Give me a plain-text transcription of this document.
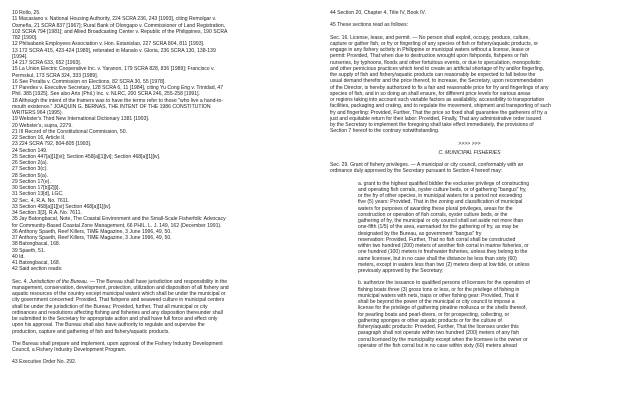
10 Rollo, 25.
11 Macasiano v. National Housing Authority, 224 SCRA 236, 243 [1993], citing Remolgar v.
Osmeña, 21 SCRA 837 [1967]; Rural Bank of Olongapo v. Commissioner of Land Registration,
102 SCRA 794 [1981]; and Allied Broadcasting Center v. Republic of the Philippines, 190 SCRA
782 [1990].
12 Philsabank Employees Association v. Hon. Estanislao, 227 SCRA 804, 811 [1993].
13 172 SCRA 415, 423-424 [1989], reiterated in Manalo v. Gloria, 236 SCRA 130, 138-139
[1994].
14 217 SCRA 633, 652 [1993].
15 La Union Electric Cooperative Inc. v. Yaranon, 179 SCRA 828, 836 [1989]; Francisco v.
Permskul, 173 SCRA 324, 333 [1989].
16 See Peralta v. Commission on Elections, 82 SCRA 30, 55 [1978].
17 Paredes v. Executive Secretary, 128 SCRA 6, 11 [1984], citing Yu Cong Eng v. Trinidad, 47
Phil. 385 [1925]. See also Arts (Phil.) Inc. v. NLRC, 200 SCRA 246, 255-258 [1991].
18 Although the intent of the framers was to have the terms refer to those "who live a hand-to-
mouth existence." JOAQUIN G. BERNAS, THE INTENT OF THE 1986 CONSTITUTION
WRITERS 964 (1995).
19 Webster's Third New International Dictionary 1381 [1993].
20 Webster's, supra, 2279.
21 III Record of the Constitutional Commission, 50.
22 Section 16, Article II.
23 224 SCRA 792, 804-805 [1993].
24 Section 149.
25 Section 447[a][1][vi]; Section 458[a][1][vi]; Section 468[a][1][iv].
26 Section 2(a).
27 Section 3(c).
28 Section 5(a).
29 Section 17(e).
30 Section 17[b][2][i].
31 Section 13[d], LGC.
32 Sec. 4, R.A. No. 7611.
33 Section 458[a][1][vi] Section 468[a][1][iv].
34 Section 3[3], R.A. No. 7611.
35 Jay Batongbacal, Note, The Coastal Environment and the Small-Scale Fisherfolk: Advocacy
for Community-Based Coastal Zone Management, 66 PHIL. L. J. 149, 162 (December 1991).
36 Anthony Spaeth, Reef Killers, TIME Magazine, 3 June 1996, 49, 50.
37 Anthony Spaeth, Reef Killers, TIME Magazine, 3 June 1996, 49, 50.
38 Batongbacal, 168.
39 Spaeth, 51.
40 Id.
41 Batongbacal, 168.
42 Said section reads:
Sec. 4. Jurisdiction of the Bureau. — The Bureau shall have jurisdiction and responsibility in the
management, conservation, development, protection, utilization and disposition of all fishery and
aquatic resources of the country except municipal waters which shall be under the municipal or
city government concerned: Provided, That fishpens and seaweed culture in municipal centers
shall be under the jurisdiction of the Bureau: Provided, further, That all municipal or city
ordinances and resolutions affecting fishing and fisheries and any disposition thereunder shall
be submitted to the Secretary for appropriate action and shall have full force and effect only
upon his approval. The Bureau shall also have authority to regulate and supervise the
production, capture and gathering of fish and fishery/aquatic products.
The Bureau shall prepare and implement, upon approval of the Fishery Industry Development
Council, a Fishery Industry Development Program.
43 Executive Order No. 292.
44 Section 20, Chapter 4, Title IV, Book IV.
45 These sections read as follows:
Sec. 16. License, lease, and permit. — No person shall exploit, occupy, produce, culture,
capture or gather fish, or fry or fingerling of any species of fish or fishery/aquatic products, or
engage in any fishery activity in Philippine or municipal waters without a license, lease or
permit: Provided, That when due to destruction wrought upon fishponds, fishpens or fish
nurseries, by typhoons, floods and other fortuitous events, or due to speculation, monopolistic
and other pernicious practices which tend to create an artificial shortage of fry and/or fingerling,
the supply of fish and fishery/aquatic products can reasonably be expected to fall below the
usual demand therefor and the price thereof, to increase, the Secretary, upon recommendation
of the Director, is hereby authorized to fix a fair and reasonable price for fry and fingerlings of any
species of fish, and in so doing an shall ensure, for different price levels for various areas
or regions taking into account such variable factors as availability, accessibility to transportation
facilities, packaging and crating, and to regulate the movement, shipment and transporting of such
fry and fingerling: Provided, Further, That the price so fixed shall guarantee the gatherers of fry a
just and equitable return for their labor: Provided, Finally, That any administrative order issued
by the Secretary to implement the foregoing shall take effect immediately, the provisions of
Section 7 hereof to the contrary notwithstanding.
>>>> >>>
C. MUNICIPAL FISHERIES
Sec. 29. Grant of fishery privileges. — A municipal or city council, conformably with an
ordinance duly approved by the Secretary pursuant to Section 4 hereof may:
a. grant to the highest qualified bidder the exclusive privilege of constructing
and operating fish corrals, oyster culture beds, or of gathering "bangus" fry,
or the fry of other species, in municipal waters for a period not exceeding
five (5) years: Provided, That in the zoning and classification of municipal
waters for purposes of awarding these plural privileges, areas for the
construction or operation of fish corrals, oyster culture beds, or the
gathering of fry, the municipal or city council shall set aside not more than
one-fifth (1/5) of the area, earmarked for the gathering of fry, as may be
designated by the Bureau, as government "bangus" fry
reservation: Provided, Further, That no fish corral shall be constructed
within two hundred (200) meters of another fish corral in marine fisheries, or
one hundred (100) meters in freshwater fisheries, unless they belong to the
same licensee, but in no case shall the distance be less than sixty (60)
meters, except in waters less than two (2) meters deep at low tide, or unless
previously approved by the Secretary;
b. authorize the issuance to qualified persons of licenses for the operation of
fishing boats three (3) gross tons or less, or for the privilege of fishing in
municipal waters with nets, traps or other fishing gear: Provided, That it
shall be beyond the power of the municipal or city council to impose a
license for the privilege of gathering pinatine mollusca or the shells thereof,
for pearling boats and pearl-divers, or for prospecting, collecting, or
gathering sponges or other aquatic products or for the culture of
fishery/aquatic products: Provided, Further, That the licenses under this
paragraph shall not operate within two hundred (200) meters of any fish
corral licensed by the municipality except when the licensee is the owner or
operator of the fish corral but in no case within sixty (60) meters ahead
